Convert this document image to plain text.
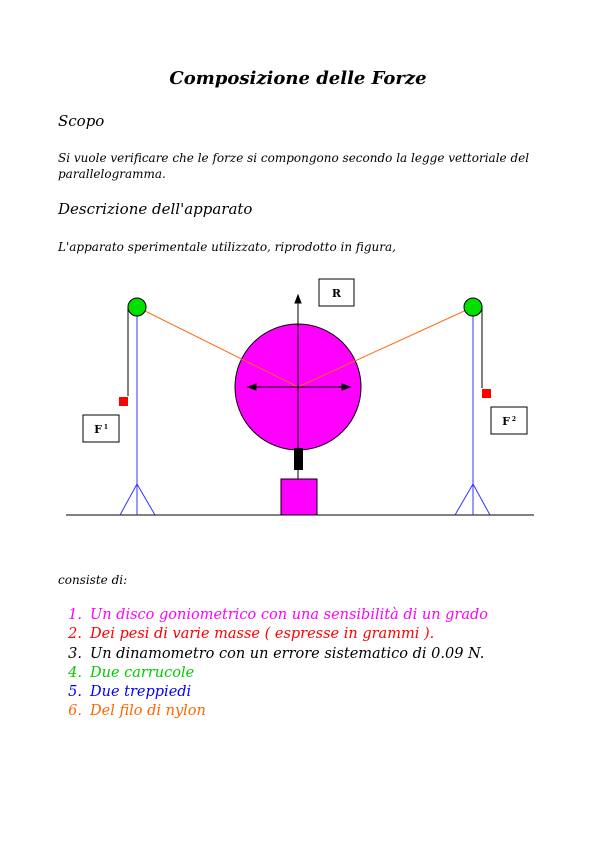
Composizione delle Forze
Scopo
Si vuole verificare che le forze si compongono secondo la legge vettoriale del parallelogramma.
Descrizione dell'apparato
L'apparato sperimentale utilizzato, riprodotto in figura,
R
F 1	F 2
consiste di:
1. Un disco goniometrico con una sensibilità di un grado
2. Dei pesi di varie masse ( espresse in grammi ).
3. Un dinamometro con un errore sistematico di 0.09 N.
4. Due carrucole
5. Due treppiedi
6. Del filo di nylon
